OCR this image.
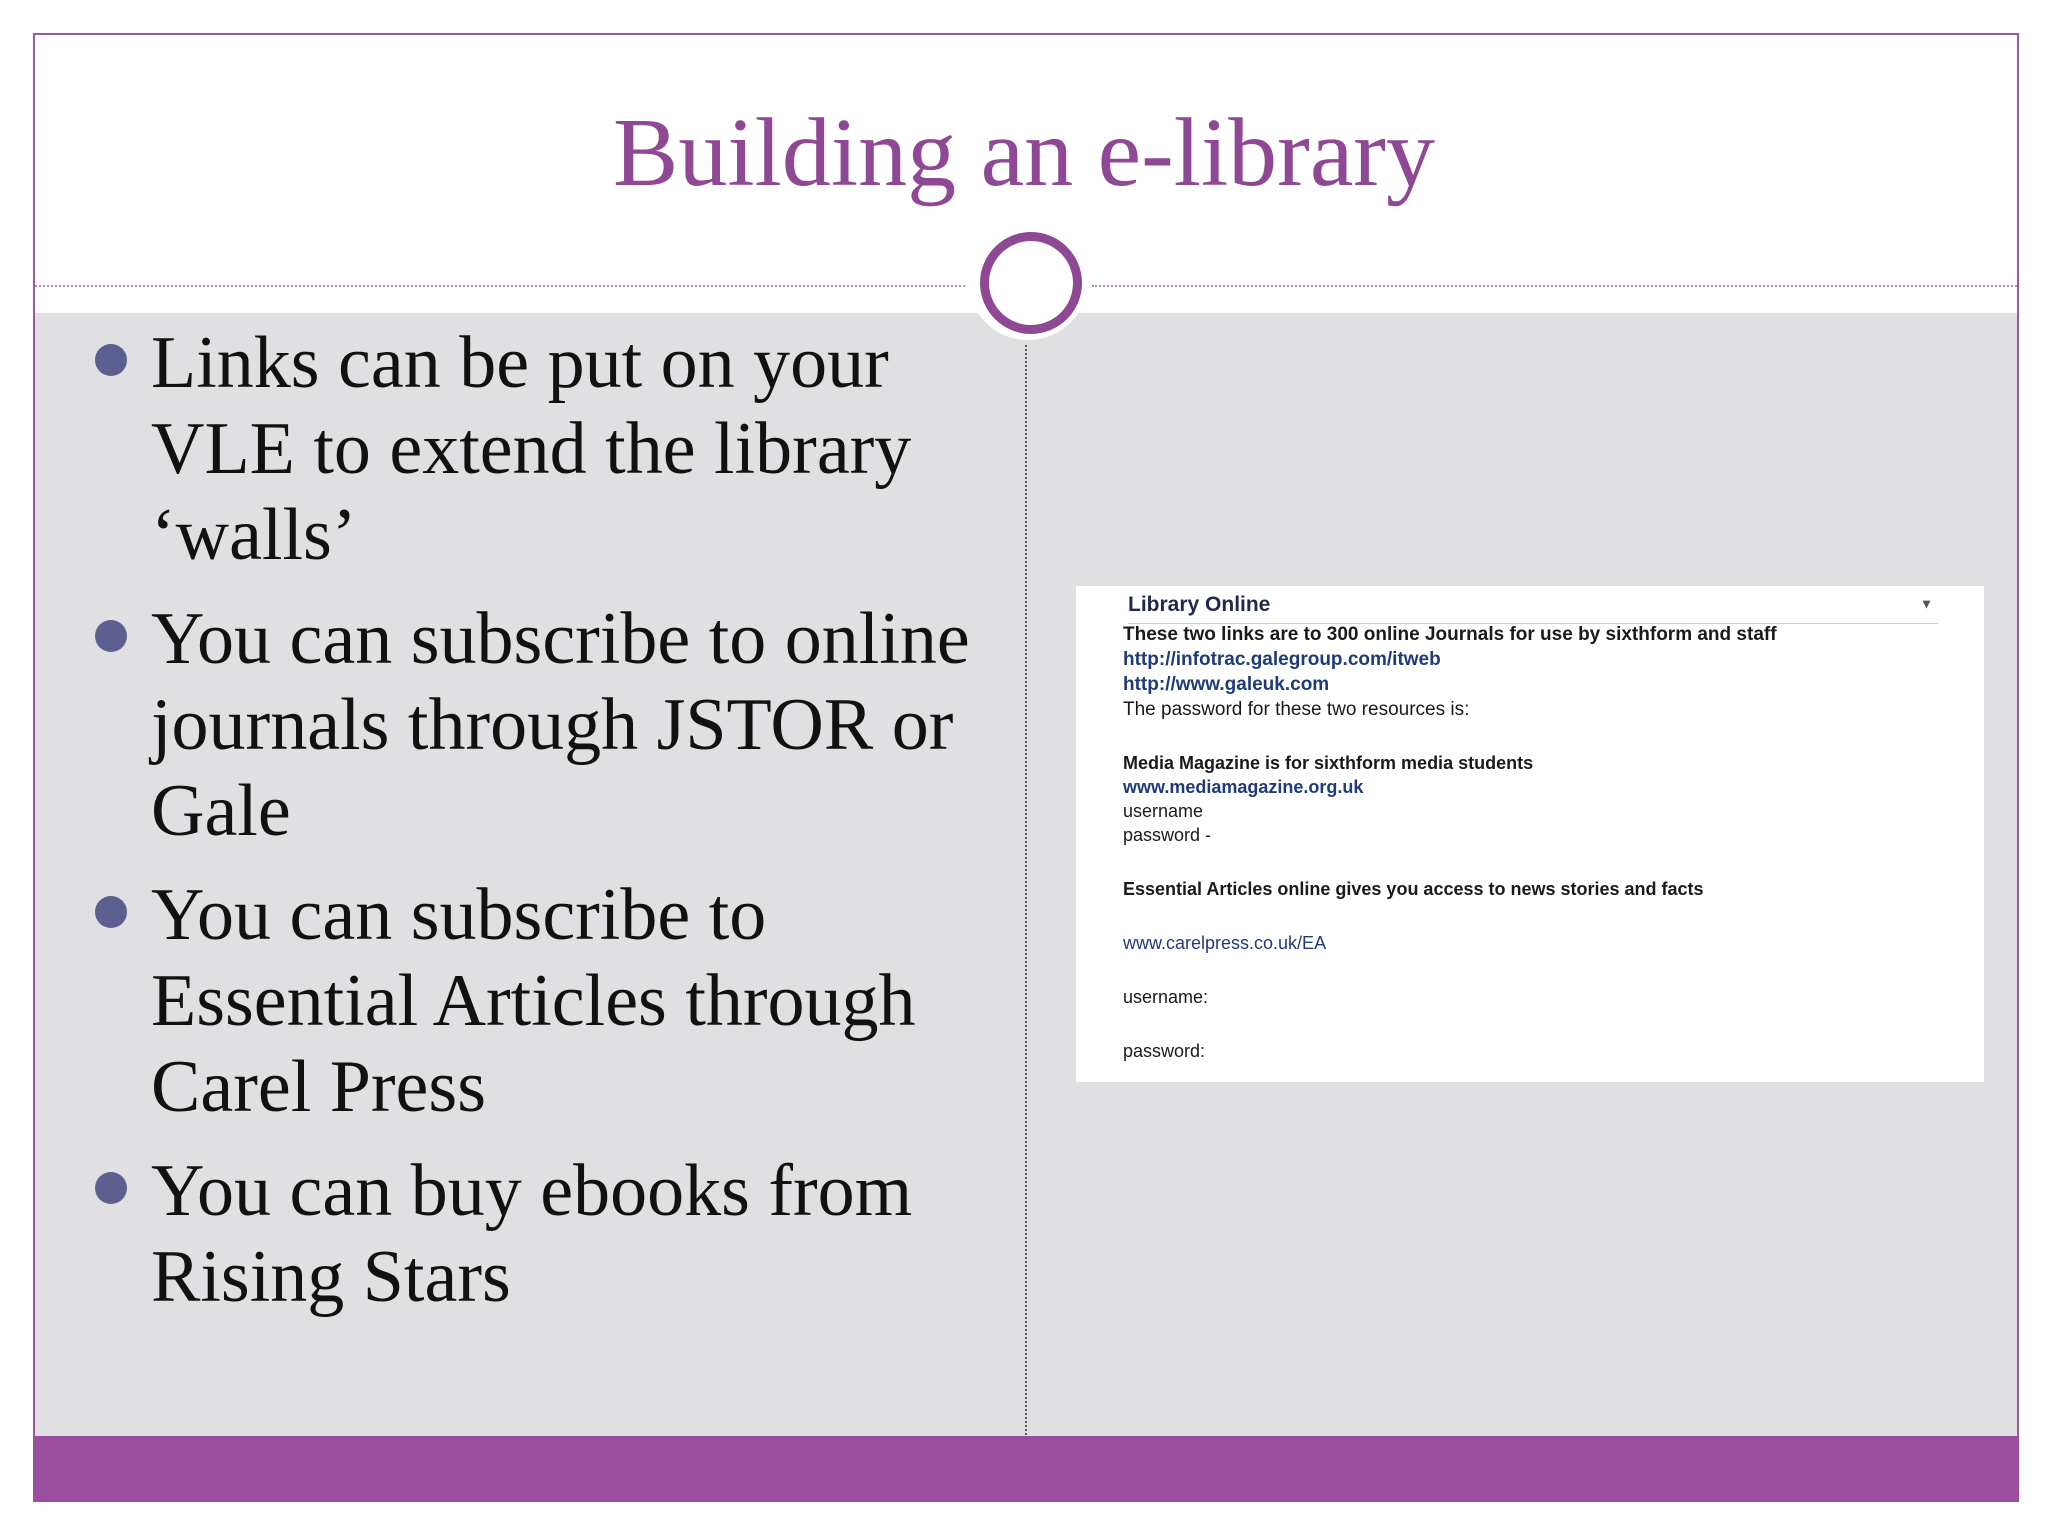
Building an e-library
Links can be put on your VLE to extend the library ‘walls’
You can subscribe to online journals through JSTOR or Gale
You can subscribe to Essential Articles through Carel Press
You can buy ebooks from Rising Stars
Library Online	▾
These two links are to 300 online Journals for use by sixthform and staff
http://infotrac.galegroup.com/itweb
http://www.galeuk.com
The password for these two resources is:
Media Magazine is for sixthform media students
www.mediamagazine.org.uk
username
password -
Essential Articles online gives you access to news stories and facts
www.carelpress.co.uk/EA
username:
password:
